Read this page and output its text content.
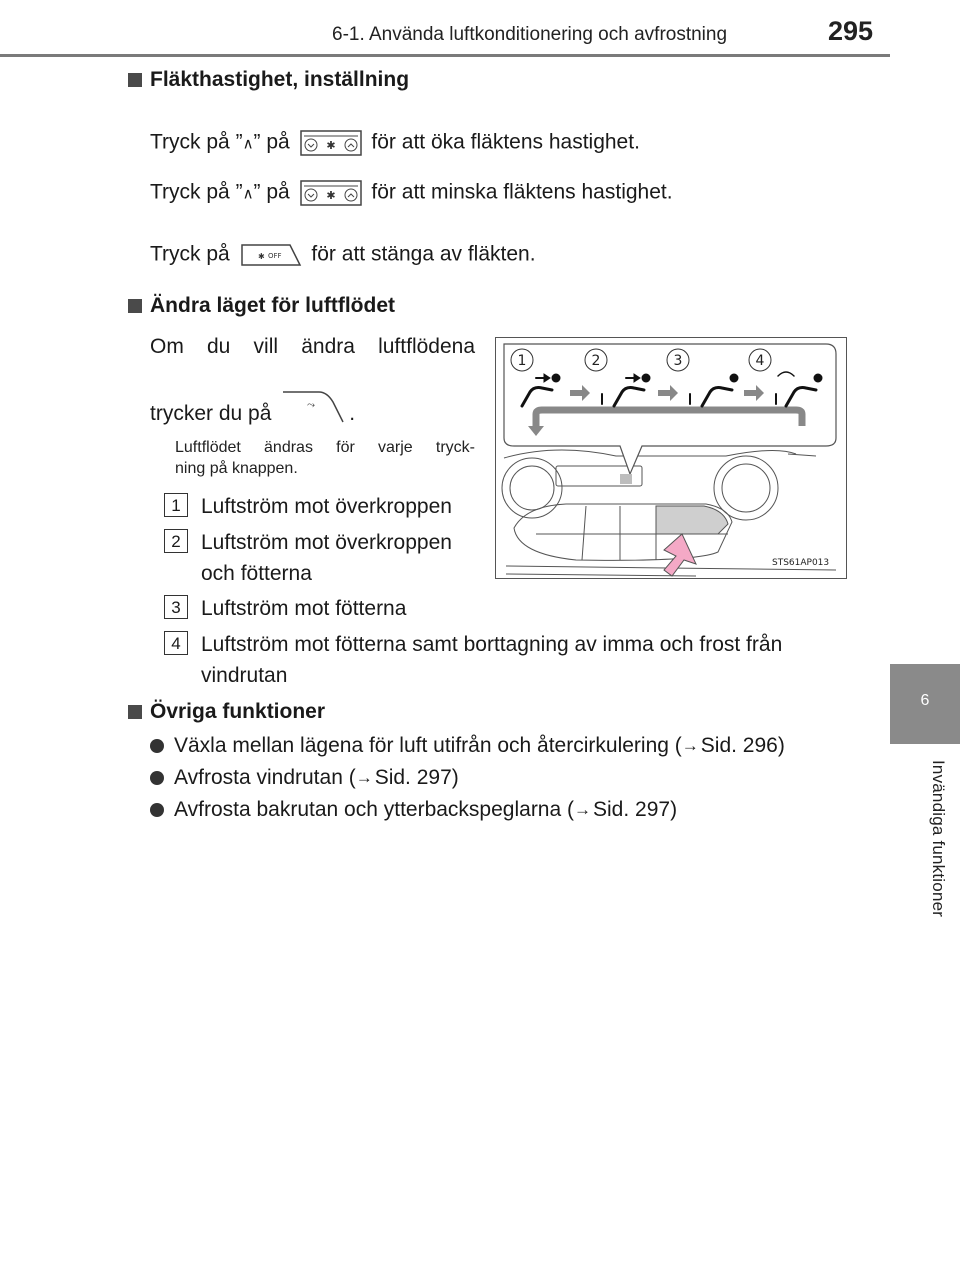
6-1. Använda luftkonditionering och avfrostning	295
6
Invändiga funktioner
Fläkthastighet, inställning
Tryck på ”∧” på	✱ för att öka fläktens hastighet.
Tryck på ”∧” på	✱ för att minska fläktens hastighet.
Tryck på	✱ OFF för att stänga av fläkten.
Ändra läget för luftflödet
Om du vill ändra luftflödena
trycker du på	⤳ .
Luftflödet ändras för varje tryck-
ning på knappen.
1 Luftström mot överkroppen
2 Luftström mot överkroppen och fötterna
3 Luftström mot fötterna
4 Luftström mot fötterna samt borttagning av imma och frost från vindrutan
1	2	3	4
STS61AP013
Övriga funktioner
Växla mellan lägena för luft utifrån och återcirkulering ( → Sid. 296 )
Avfrosta vindrutan ( → Sid. 297 )
Avfrosta bakrutan och ytterbackspeglarna ( → Sid. 297 )
